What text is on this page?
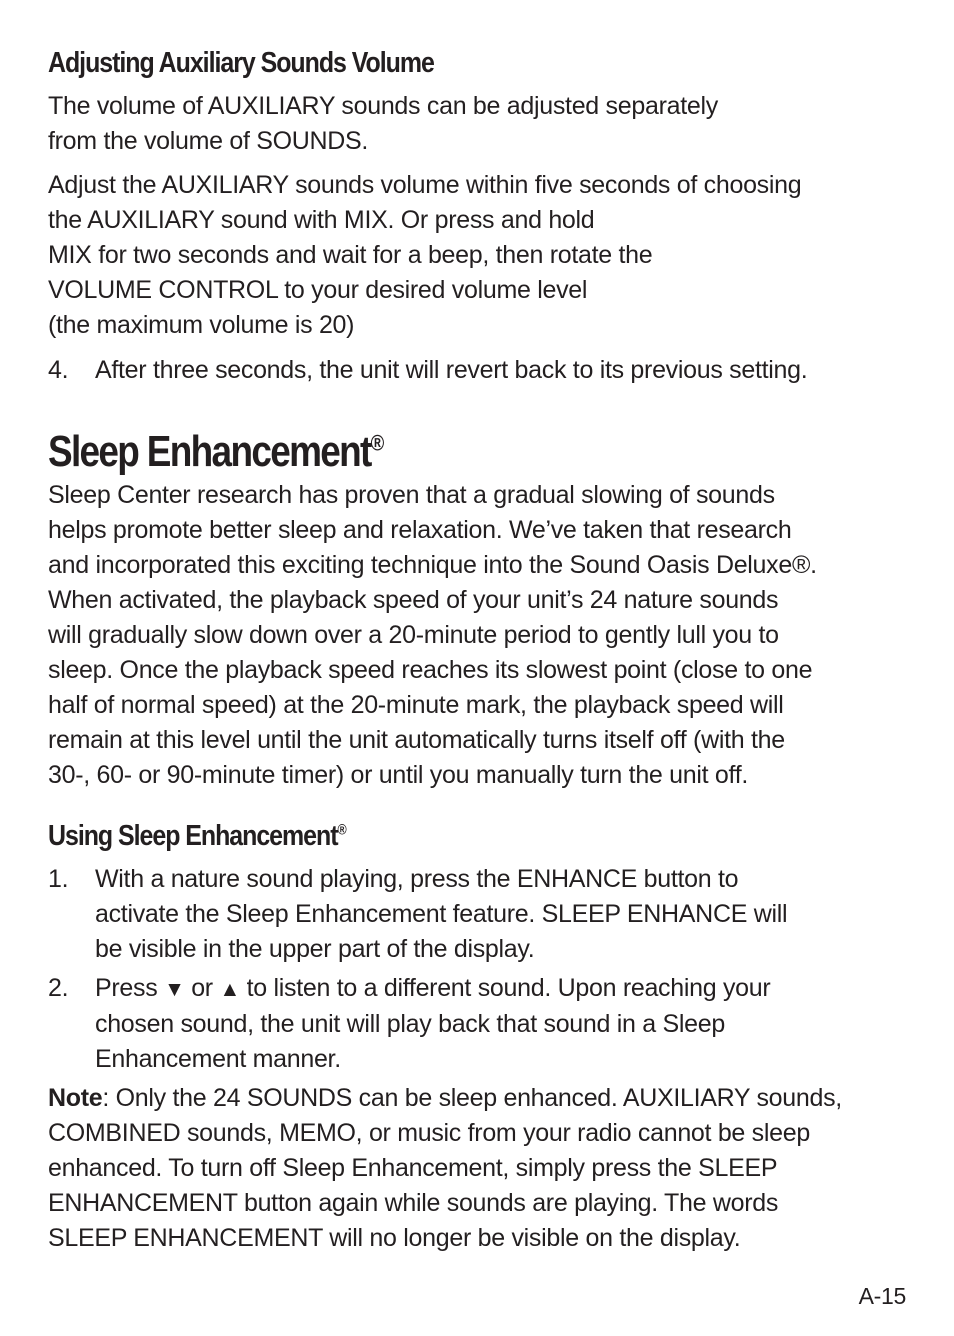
Adjusting Auxiliary Sounds Volume

The volume of AUXILIARY sounds can be adjusted separately

from the volume of SOUNDS.

Adjust the AUXILIARY sounds volume within five seconds of choosing

the AUXILIARY sound with MIX. Or press and hold

MIX for two seconds and wait for a beep, then rotate the

VOLUME CONTROL to your desired volume level

(the maximum volume is 20)

4.	After three seconds, the unit will revert back to its previous setting.
Sleep Enhancement®

Sleep Center research has proven that a gradual slowing of sounds

helps promote better sleep and relaxation. We’ve taken that research

and incorporated this exciting technique into the Sound Oasis Deluxe®.

When activated, the playback speed of your unit’s 24 nature sounds

will gradually slow down over a 20-minute period to gently lull you to

sleep. Once the playback speed reaches its slowest point (close to one

half of normal speed) at the 20-minute mark, the playback speed will

remain at this level until the unit automatically turns itself off (with the

30-, 60- or 90-minute timer) or until you manually turn the unit off.

Using Sleep Enhancement®
1.	With a nature sound playing, press the ENHANCE button to
activate the Sleep Enhancement feature. SLEEP ENHANCE will
be visible in the upper part of the display.
2.	Press ▼ or ▲ to listen to a different sound. Upon reaching your
chosen sound, the unit will play back that sound in a Sleep
Enhancement manner.

Note: Only the 24 SOUNDS can be sleep enhanced. AUXILIARY sounds,

COMBINED sounds, MEMO, or music from your radio cannot be sleep

enhanced. To turn off Sleep Enhancement, simply press the SLEEP

ENHANCEMENT button again while sounds are playing. The words

SLEEP ENHANCEMENT will no longer be visible on the display.

A-15
